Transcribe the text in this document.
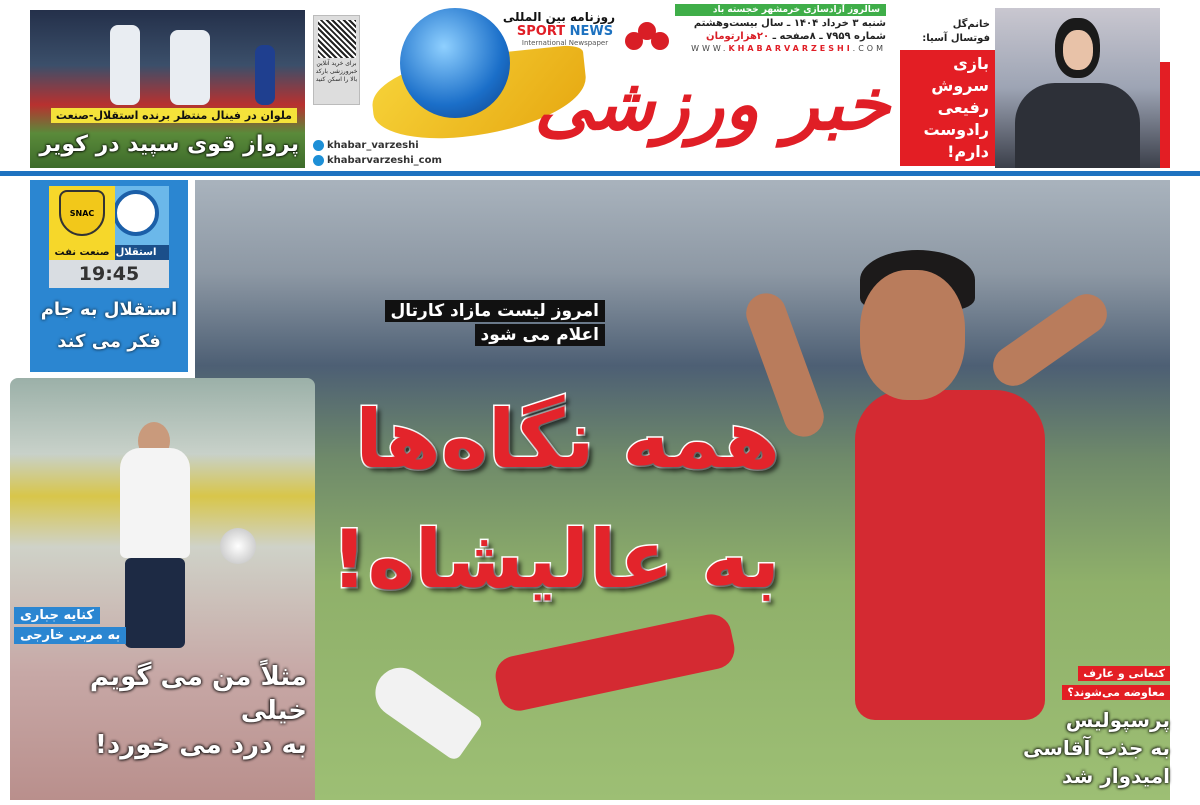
ملوان در فینال منتظر برنده استقلال-صنعت
پرواز قوی سپید در کویر
برای خرید آنلاین خبرورزشی بارکد بالا را اسکن کنید خبر ورزشی
روزنامه بین المللی
SPORT NEWS
International Newspaper
khabar_varzeshi
khabarvarzeshi_com
سالروز آزادسازی خرمشهر خجسته باد
شنبه ۳ خرداد ۱۴۰۴ ـ سال بیست‌وهشتم
شماره ۷۹۵۹ ـ ۸صفحه ـ ۲۰هزارتومان
WWW.KHABARVARZESHI.COM
خانم‌گل
فوتسال آسیا:
بازی
سروش رفیعی
رادوست
دارم!
استقلال
SNAC
صنعت نفت
19:45
استقلال به جام
فکر می کند
کنایه جباری
به مربی خارجی
مثلاً من می گویم خیلی
به درد می خورد!
امروز لیست مازاد کارتال
اعلام می شود
همه نگاه‌ها
به عالیشاه!
کنعانی و عارف
معاوضه می‌شوند؟
پرسپولیس
به جذب آقاسی
امیدوار شد
